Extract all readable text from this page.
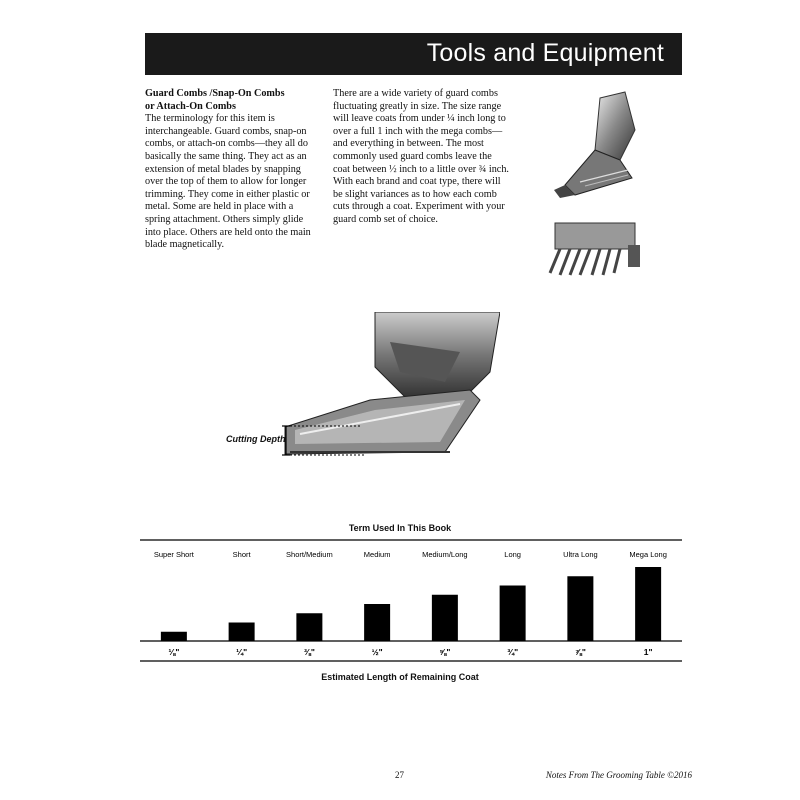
Tools and Equipment
Guard Combs /Snap-On Combs
or Attach-On Combs
The terminology for this item is interchangeable. Guard combs, snap-on combs, or attach-on combs—they all do basically the same thing. They act as an extension of metal blades by snapping over the top of them to allow for longer trimming. They come in either plastic or metal. Some are held in place with a spring attachment. Others simply glide into place. Others are held onto the main blade magnetically.
There are a wide variety of guard combs fluctuating greatly in size. The size range will leave coats from under ¼ inch long to over a full 1 inch with the mega combs—and everything in between. The most commonly used guard combs leave the coat between ½ inch to a little over ¾ inch. With each brand and coat type, there will be slight variances as to how each comb cuts through a coat. Experiment with your guard comb set of choice.
Cutting Depth
Term Used In This Book
Super Short
⅛"
Short
¼"
Short/Medium
⅜"
Medium
½"
Medium/Long
⅝"
Long
¾"
Ultra Long
⅞"
Mega Long
1"
Estimated Length of Remaining Coat
27	Notes From The Grooming Table ©2016
